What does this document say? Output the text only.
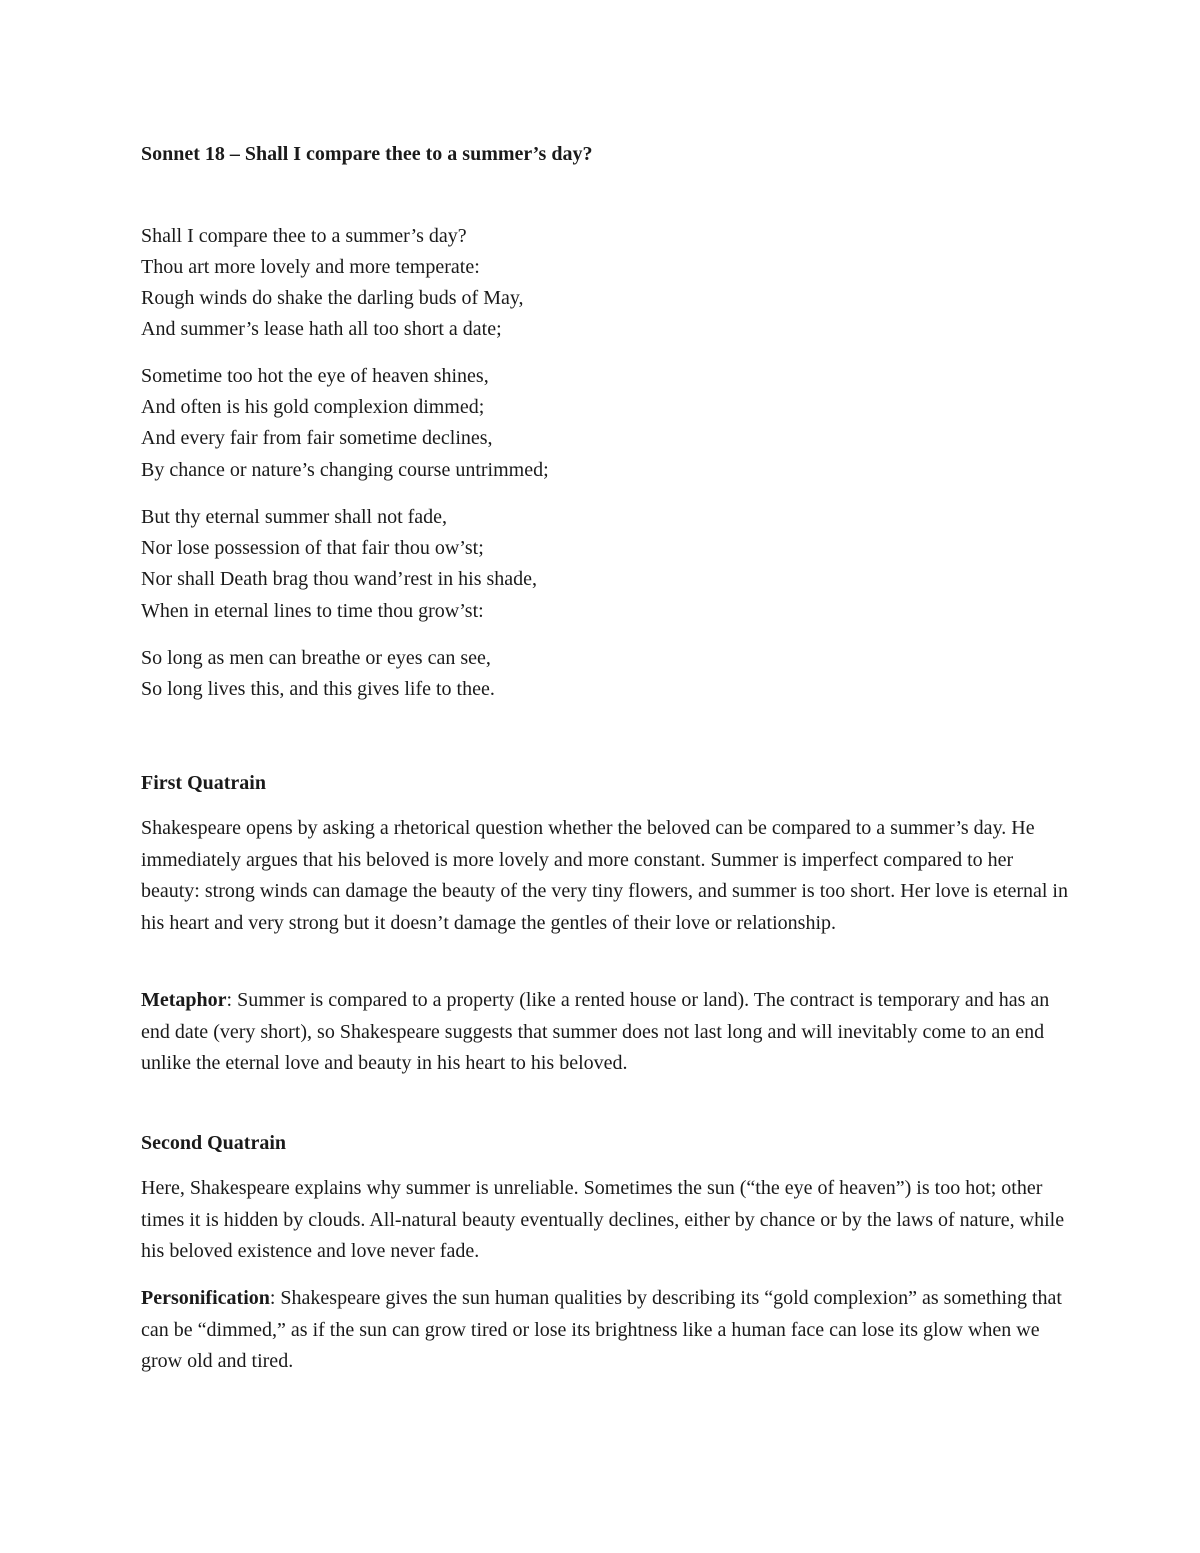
Sonnet 18 – Shall I compare thee to a summer’s day?
Shall I compare thee to a summer’s day?
Thou art more lovely and more temperate:
Rough winds do shake the darling buds of May,
And summer’s lease hath all too short a date;
Sometime too hot the eye of heaven shines,
And often is his gold complexion dimmed;
And every fair from fair sometime declines,
By chance or nature’s changing course untrimmed;
But thy eternal summer shall not fade,
Nor lose possession of that fair thou ow’st;
Nor shall Death brag thou wand’rest in his shade,
When in eternal lines to time thou grow’st:
So long as men can breathe or eyes can see,
So long lives this, and this gives life to thee.
First Quatrain

Shakespeare opens by asking a rhetorical question whether the beloved can be compared to a summer’s day. He immediately argues that his beloved is more lovely and more constant. Summer is imperfect compared to her beauty: strong winds can damage the beauty of the very tiny flowers, and summer is too short. Her love is eternal in his heart and very strong but it doesn’t damage the gentles of their love or relationship.

Metaphor: Summer is compared to a property (like a rented house or land). The contract is temporary and has an end date (very short), so Shakespeare suggests that summer does not last long and will inevitably come to an end unlike the eternal love and beauty in his heart to his beloved.

Second Quatrain

Here, Shakespeare explains why summer is unreliable. Sometimes the sun (“the eye of heaven”) is too hot; other times it is hidden by clouds. All-natural beauty eventually declines, either by chance or by the laws of nature, while his beloved existence and love never fade.

Personification: Shakespeare gives the sun human qualities by describing its “gold complexion” as something that can be “dimmed,” as if the sun can grow tired or lose its brightness like a human face can lose its glow when we grow old and tired.
